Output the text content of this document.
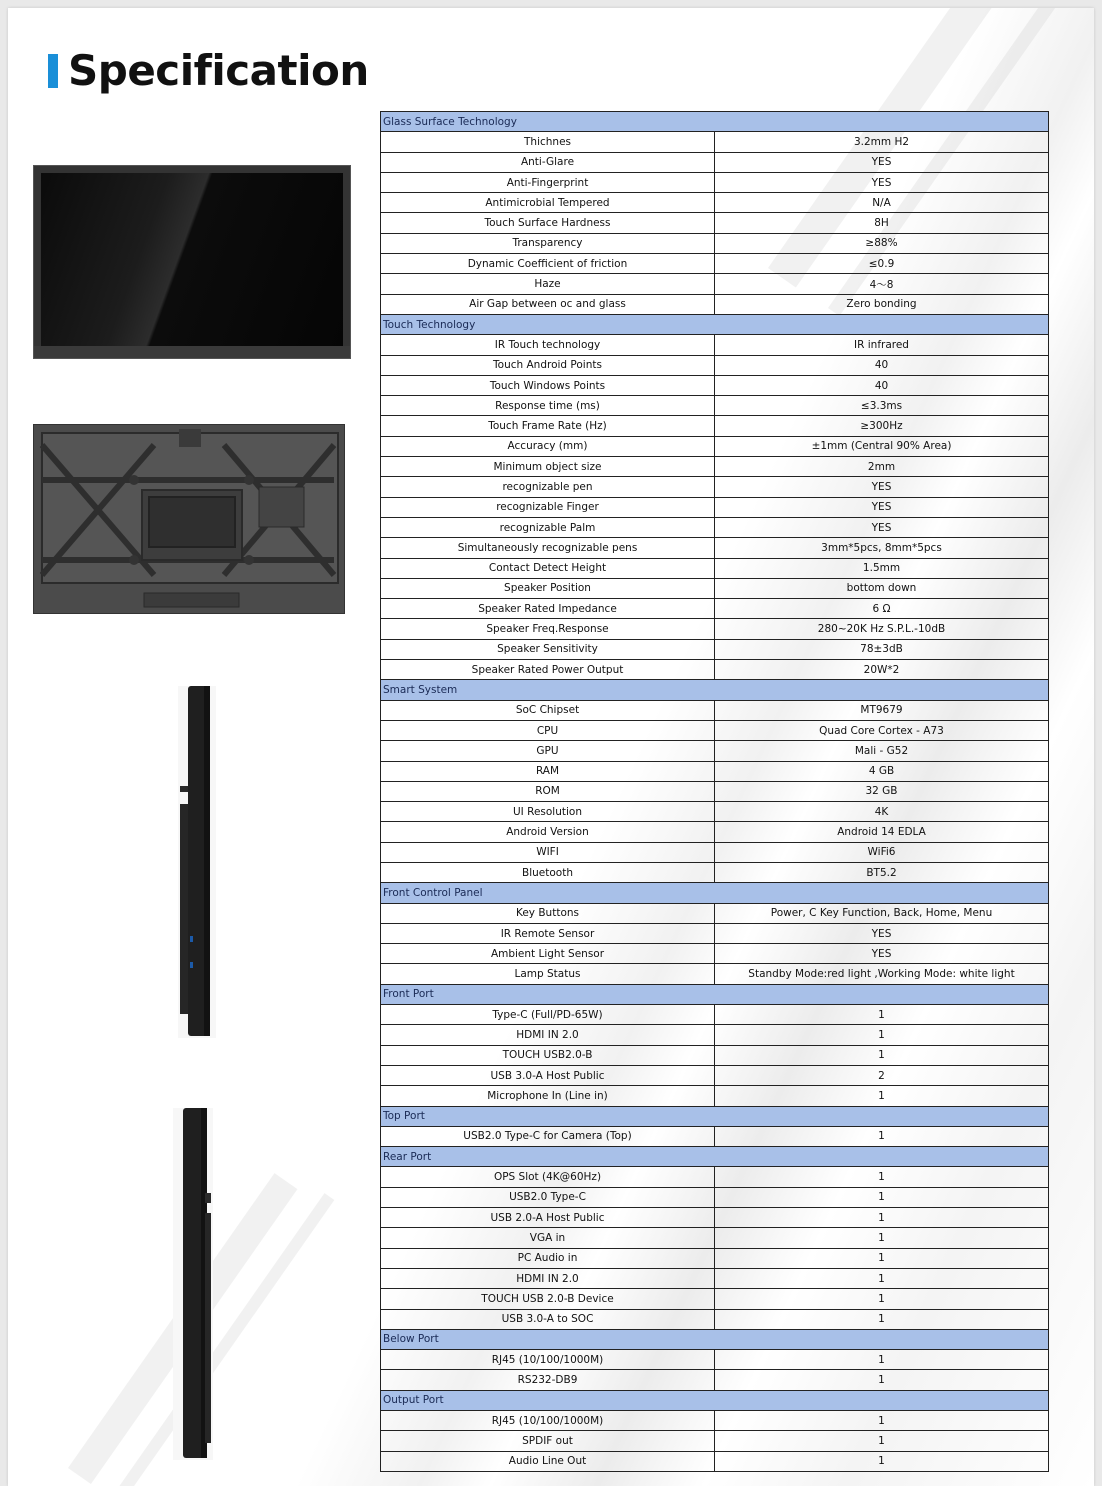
Specification
Glass Surface Technology	
Thichnes	3.2mm H2
Anti-Glare	YES
Anti-Fingerprint	YES
Antimicrobial Tempered	N/A
Touch Surface Hardness	8H
Transparency	≥88%
Dynamic Coefficient of friction	≤0.9
Haze	4〜8
Air Gap between oc and glass	Zero bonding
Touch Technology	
IR Touch technology	IR infrared
Touch Android Points	40
Touch Windows Points	40
Response time (ms)	≤3.3ms
Touch Frame Rate (Hz)	≥300Hz
Accuracy (mm)	±1mm (Central 90% Area)
Minimum object size	2mm
recognizable pen	YES
recognizable Finger	YES
recognizable Palm	YES
Simultaneously recognizable pens	3mm*5pcs, 8mm*5pcs
Contact Detect Height	1.5mm
Speaker Position	bottom down
Speaker Rated Impedance	6 Ω
Speaker Freq.Response	280~20K Hz S.P.L.-10dB
Speaker Sensitivity	78±3dB
Speaker Rated Power Output	20W*2
Smart System	
SoC Chipset	MT9679
CPU	Quad Core Cortex - A73
GPU	Mali - G52
RAM	4 GB
ROM	32 GB
UI Resolution	4K
Android Version	Android 14 EDLA
WIFI	WiFi6
Bluetooth	BT5.2
Front Control Panel	
Key Buttons	Power, C Key Function, Back, Home, Menu
IR Remote Sensor	YES
Ambient Light Sensor	YES
Lamp Status	Standby Mode:red light ,Working Mode: white light
Front Port	
Type-C (Full/PD-65W)	1
HDMI IN 2.0	1
TOUCH USB2.0-B	1
USB 3.0-A Host Public	2
Microphone In (Line in)	1
Top Port	
USB2.0 Type-C for Camera (Top)	1
Rear Port	
OPS Slot (4K@60Hz)	1
USB2.0 Type-C	1
USB 2.0-A Host Public	1
VGA in	1
PC Audio in	1
HDMI IN 2.0	1
TOUCH USB 2.0-B Device	1
USB 3.0-A to SOC	1
Below Port	
RJ45 (10/100/1000M)	1
RS232-DB9	1
Output Port	
RJ45 (10/100/1000M)	1
SPDIF out	1
Audio Line Out	1
